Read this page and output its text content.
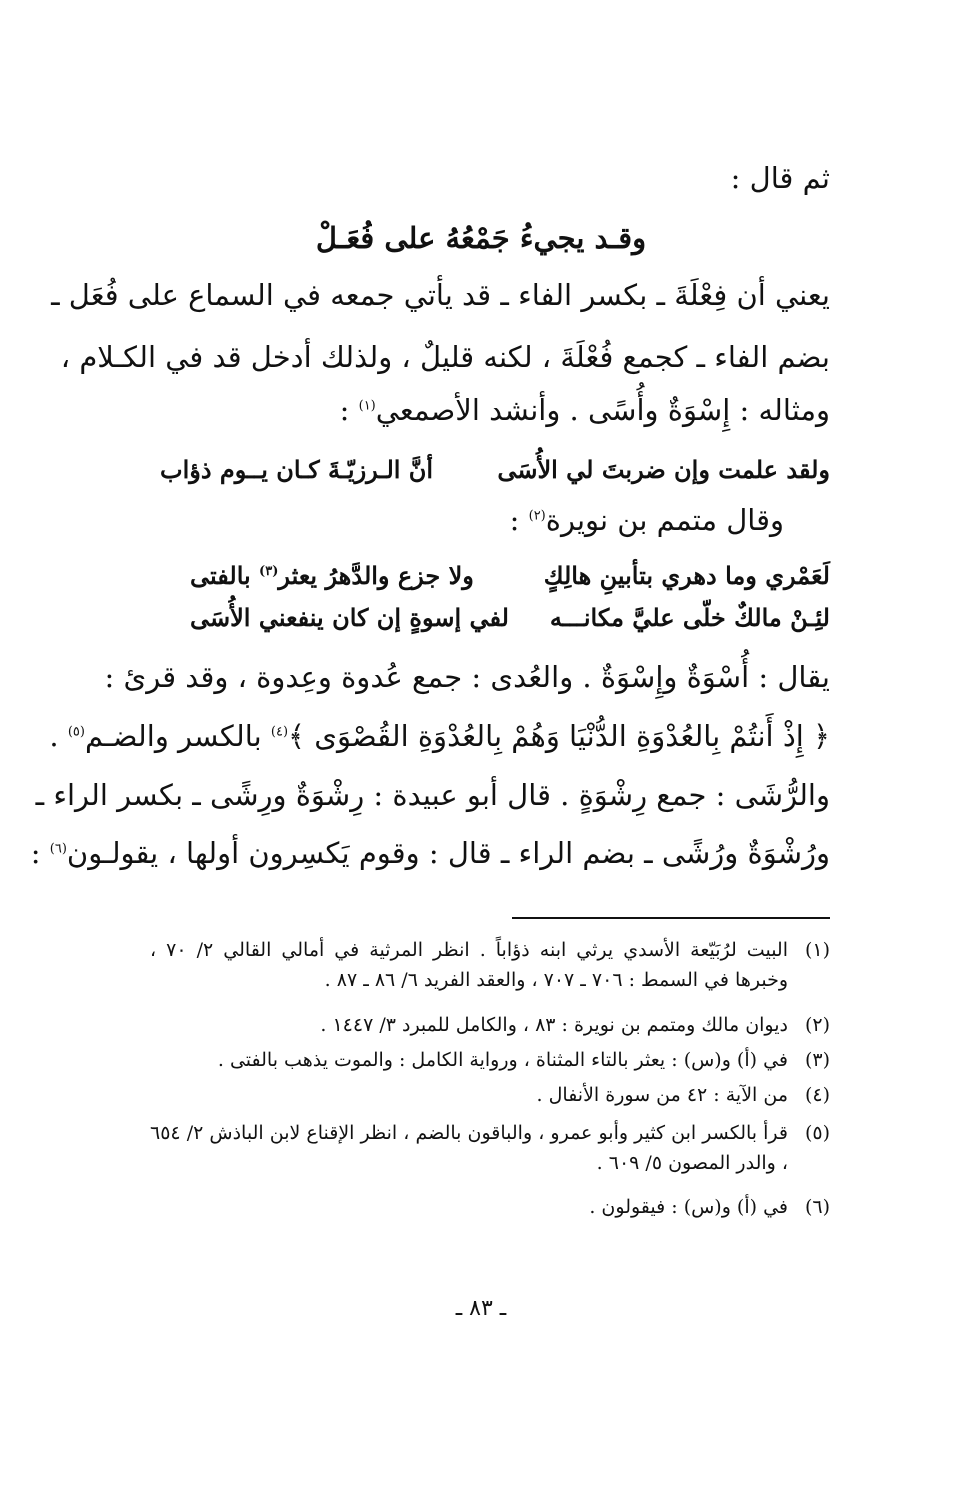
ثم قال :
وقـد يجيءُ جَمْعُهُ على فُعَـلْ
يعني أن فِعْلَةَ ـ بكسر الفاء ـ قد يأتي جمعه في السماع على فُعَل ـ
بضم الفاء ـ كجمع فُعْلَةَ ، لكنه قليلٌ ، ولذلك أدخل قد في الكـلام ،
ومثاله : إِسْوَةٌ وأُسًى . وأنشد الأصمعي$^{(١)}$ :
ولقد علمت وإن ضربتَ لي الأُسَى
أنَّ الـرزيّـةَ كـان يــوم ذؤاب
وقال متمم بن نويرة$^{(٢)}$ :
لَعَمْري وما دهري بتأبينِ هالِكٍ
ولا جزع والدَّهرُ يعثر$^{(٣)}$ بالفتى
لئِـنْ مالكٌ خلّى عليَّ مكانـــه
لفي إسوةٍ إن كان ينفعني الأُسَى
يقال : أُسْوَةٌ وإِسْوَةٌ . والعُدى : جمع عُدوة وعِدوة ، وقد قرئ :
﴿ إِذْ أَنتُمْ بِالعُدْوَةِ الدُّنْيَا وَهُمْ بِالعُدْوَةِ القُصْوَى ﴾$^{(٤)}$ بالكسر والضـم$^{(٥)}$ .
والرُّشَى : جمع رِشْوَةٍ . قال أبو عبيدة : رِشْوَةٌ ورِشًى ـ بكسر الراء ـ
ورُشْوَةٌ ورُشًى ـ بضم الراء ـ قال : وقوم يَكسِرون أولها ، يقولـون$^{(٦)}$ :
(١)
البيت لرُبَيّعة الأسدي يرثي ابنه ذؤاباً . انظر المرثية في أمالي القالي ٢/ ٧٠ ، وخبرها في السمط : ٧٠٦ ـ ٧٠٧ ، والعقد الفريد ٦/ ٨٦ ـ ٨٧ .
(٢)
ديوان مالك ومتمم بن نويرة : ٨٣ ، والكامل للمبرد ٣/ ١٤٤٧ .
(٣)
في (أ) و(س) : يعثر بالتاء المثناة ، ورواية الكامل : والموت يذهب بالفتى .
(٤)
من الآية : ٤٢ من سورة الأنفال .
(٥)
قرأ بالكسر ابن كثير وأبو عمرو ، والباقون بالضم ، انظر الإقناع لابن الباذش ٢/ ٦٥٤ ، والدر المصون ٥/ ٦٠٩ .
(٦)
في (أ) و(س) : فيقولون .
ـ ٨٣ ـ
